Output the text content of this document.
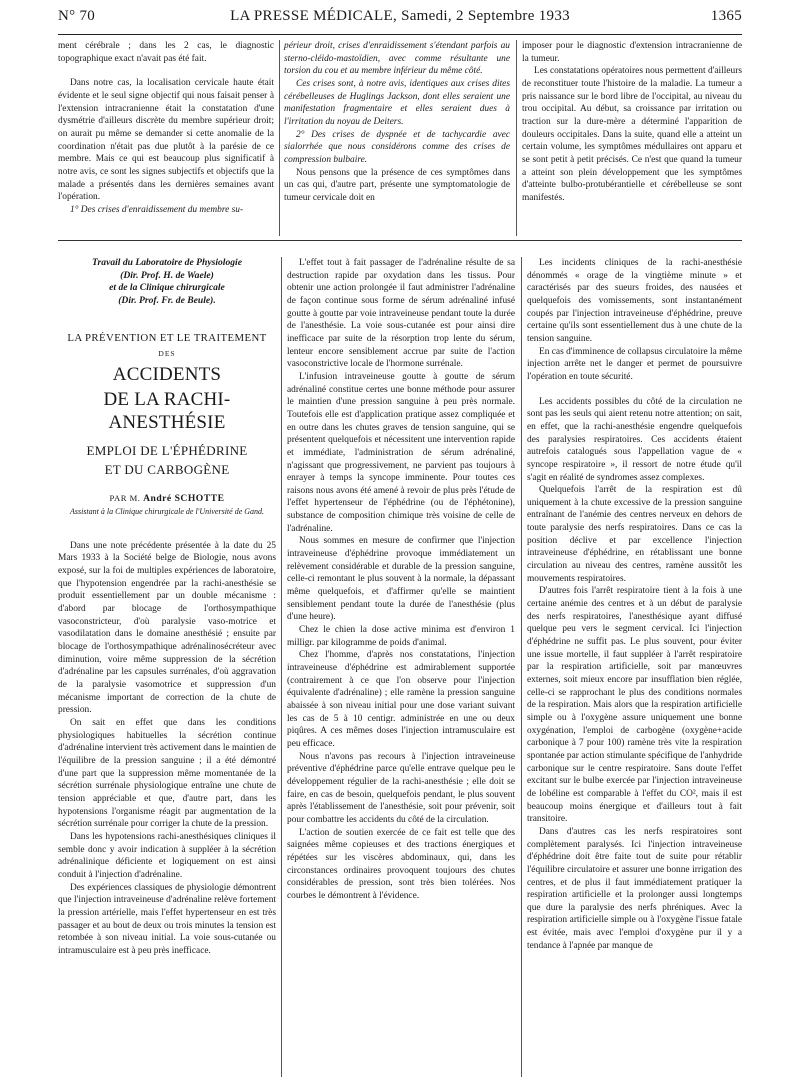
N° 70	LA PRESSE MÉDICALE, Samedi, 2 Septembre 1933	1365

ment cérébrale ; dans les 2 cas, le diagnostic topographique exact n'avait pas été fait.

Dans notre cas, la localisation cervicale haute était évidente et le seul signe objectif qui nous faisait penser à l'extension intracranienne était la constatation d'une dysmétrie d'ailleurs discrète du membre supérieur droit; on aurait pu même se demander si cette anomalie de la coordination n'était pas due plutôt à la parésie de ce membre. Mais ce qui est beaucoup plus significatif à notre avis, ce sont les signes subjectifs et objectifs que la malade a présentés dans les dernières semaines avant l'opération.

1° Des crises d'enraidissement du membre su-

périeur droit, crises d'enraidissement s'étendant parfois au sterno-cléido-mastoïdien, avec comme résultante une torsion du cou et au membre inférieur du même côté.

Ces crises sont, à notre avis, identiques aux crises dites cérébelleuses de Huglings Jackson, dont elles seraient une manifestation fragmentaire et elles seraient dues à l'irritation du noyau de Deiters.

2° Des crises de dyspnée et de tachycardie avec sialorrhée que nous considérons comme des crises de compression bulbaire.

Nous pensons que la présence de ces symptômes dans un cas qui, d'autre part, présente une symptomatologie de tumeur cervicale doit en

imposer pour le diagnostic d'extension intracranienne de la tumeur.

Les constatations opératoires nous permettent d'ailleurs de reconstituer toute l'histoire de la maladie. La tumeur a pris naissance sur le bord libre de l'occipital, au niveau du trou occipital. Au début, sa croissance par irritation ou traction sur la dure-mère a déterminé l'apparition de douleurs occipitales. Dans la suite, quand elle a atteint un certain volume, les symptômes médullaires ont apparu et se sont petit à petit précisés. Ce n'est que quand la tumeur a atteint son plein développement que les symptômes d'atteinte bulbo-protubérantielle et cérébelleuse se sont manifestés.

Travail du Laboratoire de Physiologie
(Dir. Prof. H. de Waele)
et de la Clinique chirurgicale
(Dir. Prof. Fr. de Beule).
LA PRÉVENTION ET LE TRAITEMENT
DES
ACCIDENTS
DE LA RACHI-ANESTHÉSIE
EMPLOI DE L'ÉPHÉDRINE
ET DU CARBOGÈNE
PAR M. André SCHOTTE
Assistant à la Clinique chirurgicale de l'Université de Gand.

Dans une note précédente présentée à la date du 25 Mars 1933 à la Société belge de Biologie, nous avons exposé, sur la foi de multiples expériences de laboratoire, que l'hypotension engendrée par la rachi-anesthésie se produit essentiellement par un double mécanisme : d'abord par blocage de l'orthosympathique vasoconstricteur, d'où paralysie vaso-motrice et vasodilatation dans le domaine anesthésié ; ensuite par blocage de l'orthosympathique adrénalinosécréteur avec diminution, voire même suppression de la sécrétion d'adrénaline par les capsules surrénales, d'où aggravation de la paralysie vasomotrice et suppression d'un mécanisme important de correction de la chute de pression.

On sait en effet que dans les conditions physiologiques habituelles la sécrétion continue d'adrénaline intervient très activement dans le maintien de l'équilibre de la pression sanguine ; il a été démontré d'une part que la suppression même momentanée de la sécrétion surrénale physiologique entraîne une chute de tension appréciable et que, d'autre part, dans les hypotensions l'organisme réagit par augmentation de la sécrétion surrénale pour corriger la chute de la pression.

Dans les hypotensions rachi-anesthésiques cliniques il semble donc y avoir indication à suppléer à la sécrétion adrénalinique déficiente et logiquement on est ainsi conduit à l'injection d'adrénaline.

Des expériences classiques de physiologie démontrent que l'injection intraveineuse d'adrénaline relève fortement la pression artérielle, mais l'effet hypertenseur en est très passager et au bout de deux ou trois minutes la tension est retombée à son niveau initial. La voie sous-cutanée ou intramusculaire est à peu près inefficace.

L'effet tout à fait passager de l'adrénaline résulte de sa destruction rapide par oxydation dans les tissus. Pour obtenir une action prolongée il faut administrer l'adrénaline de façon continue sous forme de sérum adrénaliné infusé goutte à goutte par voie intraveineuse pendant toute la durée de l'anesthésie. La voie sous-cutanée est pour ainsi dire inefficace par suite de la résorption trop lente du sérum, lenteur encore sensiblement accrue par suite de l'action vasoconstrictive locale de l'hormone surrénale.

L'infusion intraveineuse goutte à goutte de sérum adrénaliné constitue certes une bonne méthode pour assurer le maintien d'une pression sanguine à peu près normale. Toutefois elle est d'application pratique assez compliquée et en outre dans les chutes graves de tension sanguine, qui se présentent quelquefois et nécessitent une intervention rapide et immédiate, l'administration de sérum adrénaliné, n'agissant que progressivement, ne parvient pas toujours à enrayer à temps la syncope imminente. Pour toutes ces raisons nous avons été amené à revoir de plus près l'étude de l'effet hypertenseur de l'éphédrine (ou de l'éphétonine), substance de composition chimique très voisine de celle de l'adrénaline.

Nous sommes en mesure de confirmer que l'injection intraveineuse d'éphédrine provoque immédiatement un relèvement considérable et durable de la pression sanguine, celle-ci remontant le plus souvent à la normale, la dépassant même quelquefois, et d'affirmer qu'elle se maintient sensiblement pendant toute la durée de l'anesthésie (plus d'une heure).

Chez le chien la dose active minima est d'environ 1 milligr. par kilogramme de poids d'animal.

Chez l'homme, d'après nos constatations, l'injection intraveineuse d'éphédrine est admirablement supportée (contrairement à ce que l'on observe pour l'injection équivalente d'adrénaline) ; elle ramène la pression sanguine abaissée à son niveau initial pour une dose variant suivant les cas de 5 à 10 centigr. administrée en une ou deux piqûres. A ces mêmes doses l'injection intramusculaire est peu efficace.

Nous n'avons pas recours à l'injection intraveineuse préventive d'éphédrine parce qu'elle entrave quelque peu le développement régulier de la rachi-anesthésie ; elle doit se faire, en cas de besoin, quelquefois pendant, le plus souvent après l'établissement de l'anesthésie, soit pour prévenir, soit pour combattre les accidents du côté de la circulation.

L'action de soutien exercée de ce fait est telle que des saignées même copieuses et des tractions énergiques et répétées sur les viscères abdominaux, qui, dans les circonstances ordinaires provoquent toujours des chutes considérables de pression, sont très bien tolérées. Nos courbes le démontrent à l'évidence.

Les incidents cliniques de la rachi-anesthésie dénommés « orage de la vingtième minute » et caractérisés par des sueurs froides, des nausées et quelquefois des vomissements, sont instantanément coupés par l'injection intraveineuse d'éphédrine, preuve certaine qu'ils sont essentiellement dus à une chute de la tension sanguine.

En cas d'imminence de collapsus circulatoire la même injection arrête net le danger et permet de poursuivre l'opération en toute sécurité.

Les accidents possibles du côté de la circulation ne sont pas les seuls qui aient retenu notre attention; on sait, en effet, que la rachi-anesthésie engendre quelquefois des paralysies respiratoires. Ces accidents étaient autrefois catalogués sous l'appellation vague de « syncope respiratoire », il ressort de notre étude qu'il s'agit en réalité de syndromes assez complexes.

Quelquefois l'arrêt de la respiration est dû uniquement à la chute excessive de la pression sanguine entraînant de l'anémie des centres nerveux en dehors de toute paralysie des nerfs respiratoires. Dans ce cas la position déclive et par excellence l'injection intraveineuse d'éphédrine, en rétablissant une bonne circulation au niveau des centres, ramène aussitôt les mouvements respiratoires.

D'autres fois l'arrêt respiratoire tient à la fois à une certaine anémie des centres et à un début de paralysie des nerfs respiratoires, l'anesthésique ayant diffusé quelque peu vers le segment cervical. Ici l'injection d'éphédrine ne suffit pas. Le plus souvent, pour éviter une issue mortelle, il faut suppléer à l'arrêt respiratoire par la respiration artificielle, soit par manœuvres externes, soit mieux encore par insufflation bien réglée, celle-ci se rapprochant le plus des conditions normales de la respiration. Mais alors que la respiration artificielle simple ou à l'oxygène assure uniquement une bonne oxygénation, l'emploi de carbogène (oxygène+acide carbonique à 7 pour 100) ramène très vite la respiration spontanée par action stimulante spécifique de l'anhydride carbonique sur le centre respiratoire. Sans doute l'effet excitant sur le bulbe exercée par l'injection intraveineuse de lobéline est comparable à l'effet du CO², mais il est beaucoup moins énergique et d'ailleurs tout à fait transitoire.

Dans d'autres cas les nerfs respiratoires sont complètement paralysés. Ici l'injection intraveineuse d'éphédrine doit être faite tout de suite pour rétablir l'équilibre circulatoire et assurer une bonne irrigation des centres, et de plus il faut immédiatement pratiquer la respiration artificielle et la prolonger aussi longtemps que dure la paralysie des nerfs phréniques. Avec la respiration artificielle simple ou à l'oxygène l'issue fatale est évitée, mais avec l'emploi d'oxygène pur il y a tendance à l'apnée par manque de
